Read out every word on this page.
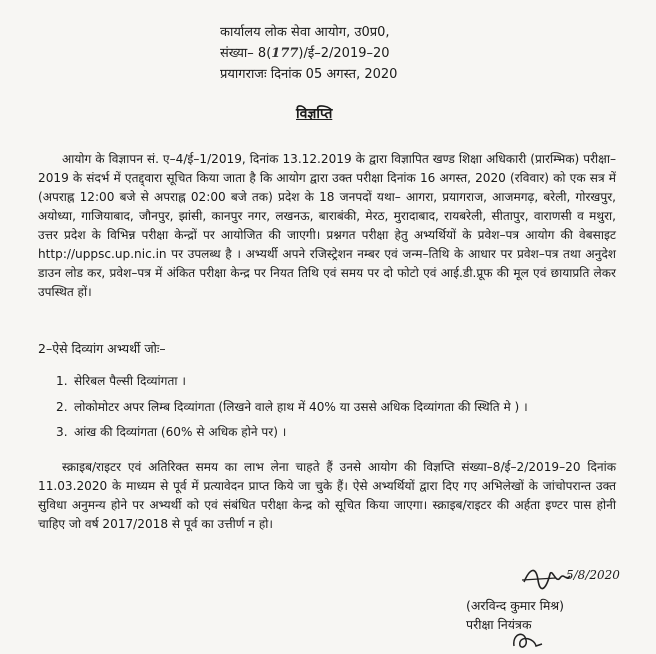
कार्यालय लोक सेवा आयोग, उ0प्र0,
संख्या– 8(177)/ई–2/2019–20
प्रयागराजः दिनांक 05 अगस्त, 2020
विज्ञप्ति
आयोग के विज्ञापन सं. ए–4/ई–1/2019, दिनांक 13.12.2019 के द्वारा विज्ञापित खण्ड शिक्षा अधिकारी (प्रारम्भिक) परीक्षा–2019 के संदर्भ में एतद्द्वारा सूचित किया जाता है कि आयोग द्वारा उक्त परीक्षा दिनांक 16 अगस्त, 2020 (रविवार) को एक सत्र में (अपराह्न 12:00 बजे से अपराह्न 02:00 बजे तक) प्रदेश के 18 जनपदों यथा– आगरा, प्रयागराज, आजमगढ़, बरेली, गोरखपुर, अयोध्या, गाजियाबाद, जौनपुर, झांसी, कानपुर नगर, लखनऊ, बाराबंकी, मेरठ, मुरादाबाद, रायबरेली, सीतापुर, वाराणसी व मथुरा, उत्तर प्रदेश के विभिन्न परीक्षा केन्द्रों पर आयोजित की जाएगी। प्रश्नगत परीक्षा हेतु अभ्यर्थियों के प्रवेश–पत्र आयोग की वेबसाइट http://uppsc.up.nic.in पर उपलब्ध है । अभ्यर्थी अपने रजिस्ट्रेशन नम्बर एवं जन्म–तिथि के आधार पर प्रवेश–पत्र तथा अनुदेश डाउन लोड कर, प्रवेश–पत्र में अंकित परीक्षा केन्द्र पर नियत तिथि एवं समय पर दो फोटो एवं आई.डी.प्रूफ की मूल एवं छायाप्रति लेकर उपस्थित हों।
2–ऐसे दिव्यांग अभ्यर्थी जोः–
1. सेरिबल पैल्सी दिव्यांगता ।
2. लोकोमोटर अपर लिम्ब दिव्यांगता (लिखने वाले हाथ में 40% या उससे अधिक दिव्यांगता की स्थिति मे ) ।
3. आंख की दिव्यांगता (60% से अधिक होने पर) ।
स्क्राइब/राइटर एवं अतिरिक्त समय का लाभ लेना चाहते हैं उनसे आयोग की विज्ञप्ति संख्या–8/ई–2/2019–20 दिनांक 11.03.2020 के माध्यम से पूर्व में प्रत्यावेदन प्राप्त किये जा चुके हैं। ऐसे अभ्यर्थियों द्वारा दिए गए अभिलेखों के जांचोपरान्त उक्त सुविधा अनुमन्य होने पर अभ्यर्थी को एवं संबंधित परीक्षा केन्द्र को सूचित किया जाएगा। स्क्राइब/राइटर की अर्हता इण्टर पास होनी चाहिए जो वर्ष 2017/2018 से पूर्व का उत्तीर्ण न हो।
5/8/2020
(अरविन्द कुमार मिश्र)
परीक्षा नियंत्रक
